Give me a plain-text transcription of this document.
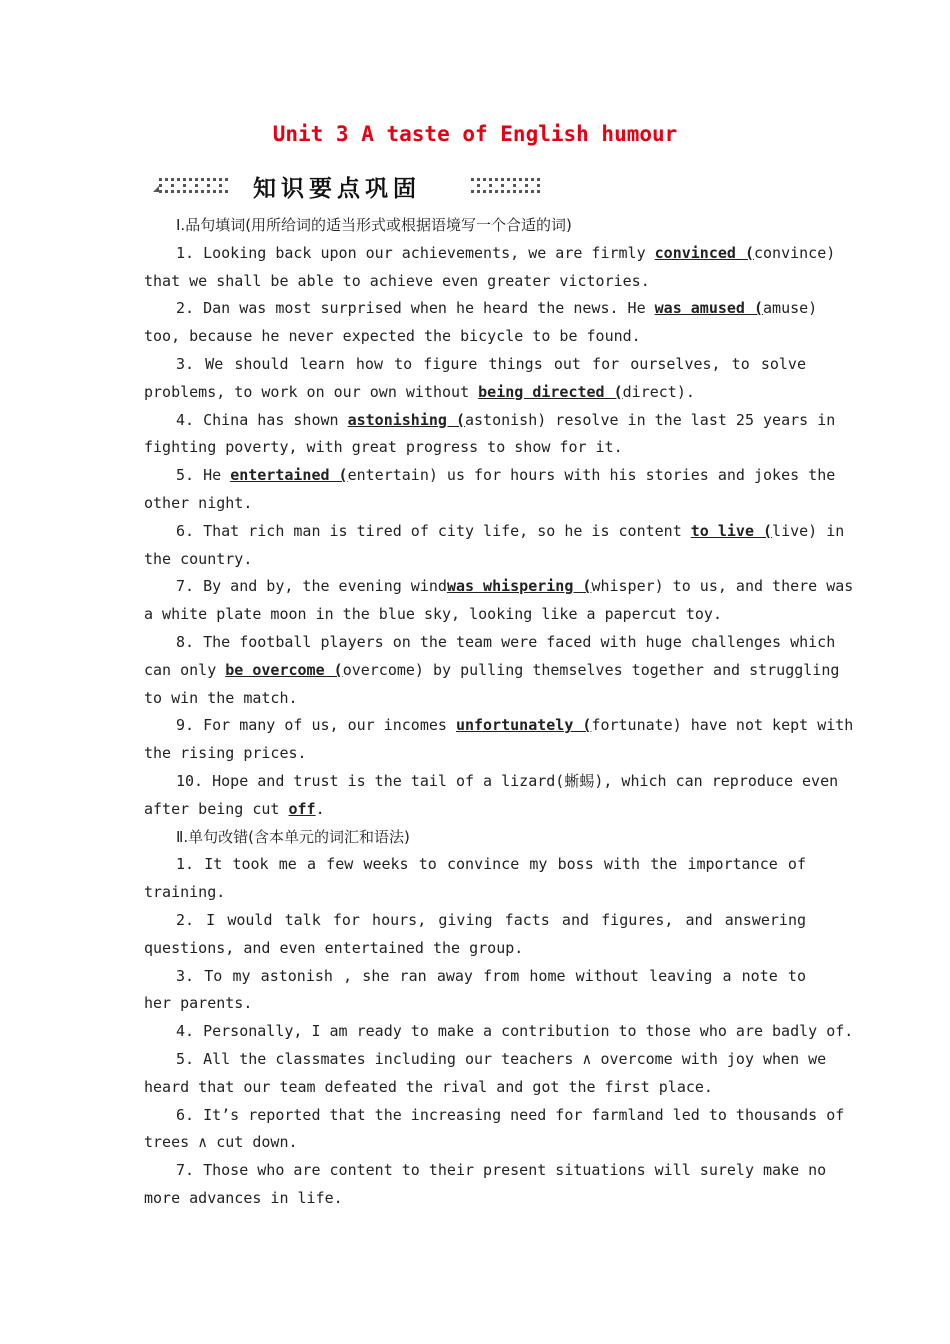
Unit 3 A taste of English humour
知识要点巩固
Ⅰ.品句填词(用所给词的适当形式或根据语境写一个合适的词)
1. Looking back upon our achievements, we are firmly convinced (convince)
that we shall be able to achieve even greater victories.
2. Dan was most surprised when he heard the news. He was amused (amuse)
too, because he never expected the bicycle to be found.
3. We should learn how to figure things out for ourselves, to solve
problems, to work on our own without being directed (direct).
4. China has shown astonishing (astonish) resolve in the last 25 years in
fighting poverty, with great progress to show for it.
5. He entertained (entertain) us for hours with his stories and jokes the
other night.
6. That rich man is tired of city life, so he is content to live (live) in
the country.
7. By and by, the evening windwas whispering (whisper) to us, and there was
a white plate moon in the blue sky, looking like a papercut toy.
8. The football players on the team were faced with huge challenges which
can only be overcome (overcome) by pulling themselves together and struggling
to win the match.
9. For many of us, our incomes unfortunately (fortunate) have not kept with
the rising prices.
10. Hope and trust is the tail of a lizard(蜥蜴), which can reproduce even
after being cut off.
Ⅱ.单句改错(含本单元的词汇和语法)
1. It took me a few weeks to convince my boss with the importance of
training.
2. I would talk for hours, giving facts and figures, and answering
questions, and even entertained the group.
3. To my astonish , she ran away from home without leaving a note to
her parents.
4. Personally, I am ready to make a contribution to those who are badly of.
5. All the classmates including our teachers ∧ overcome with joy when we
heard that our team defeated the rival and got the first place.
6. It’s reported that the increasing need for farmland led to thousands of
trees ∧ cut down.
7. Those who are content to their present situations will surely make no
more advances in life.
